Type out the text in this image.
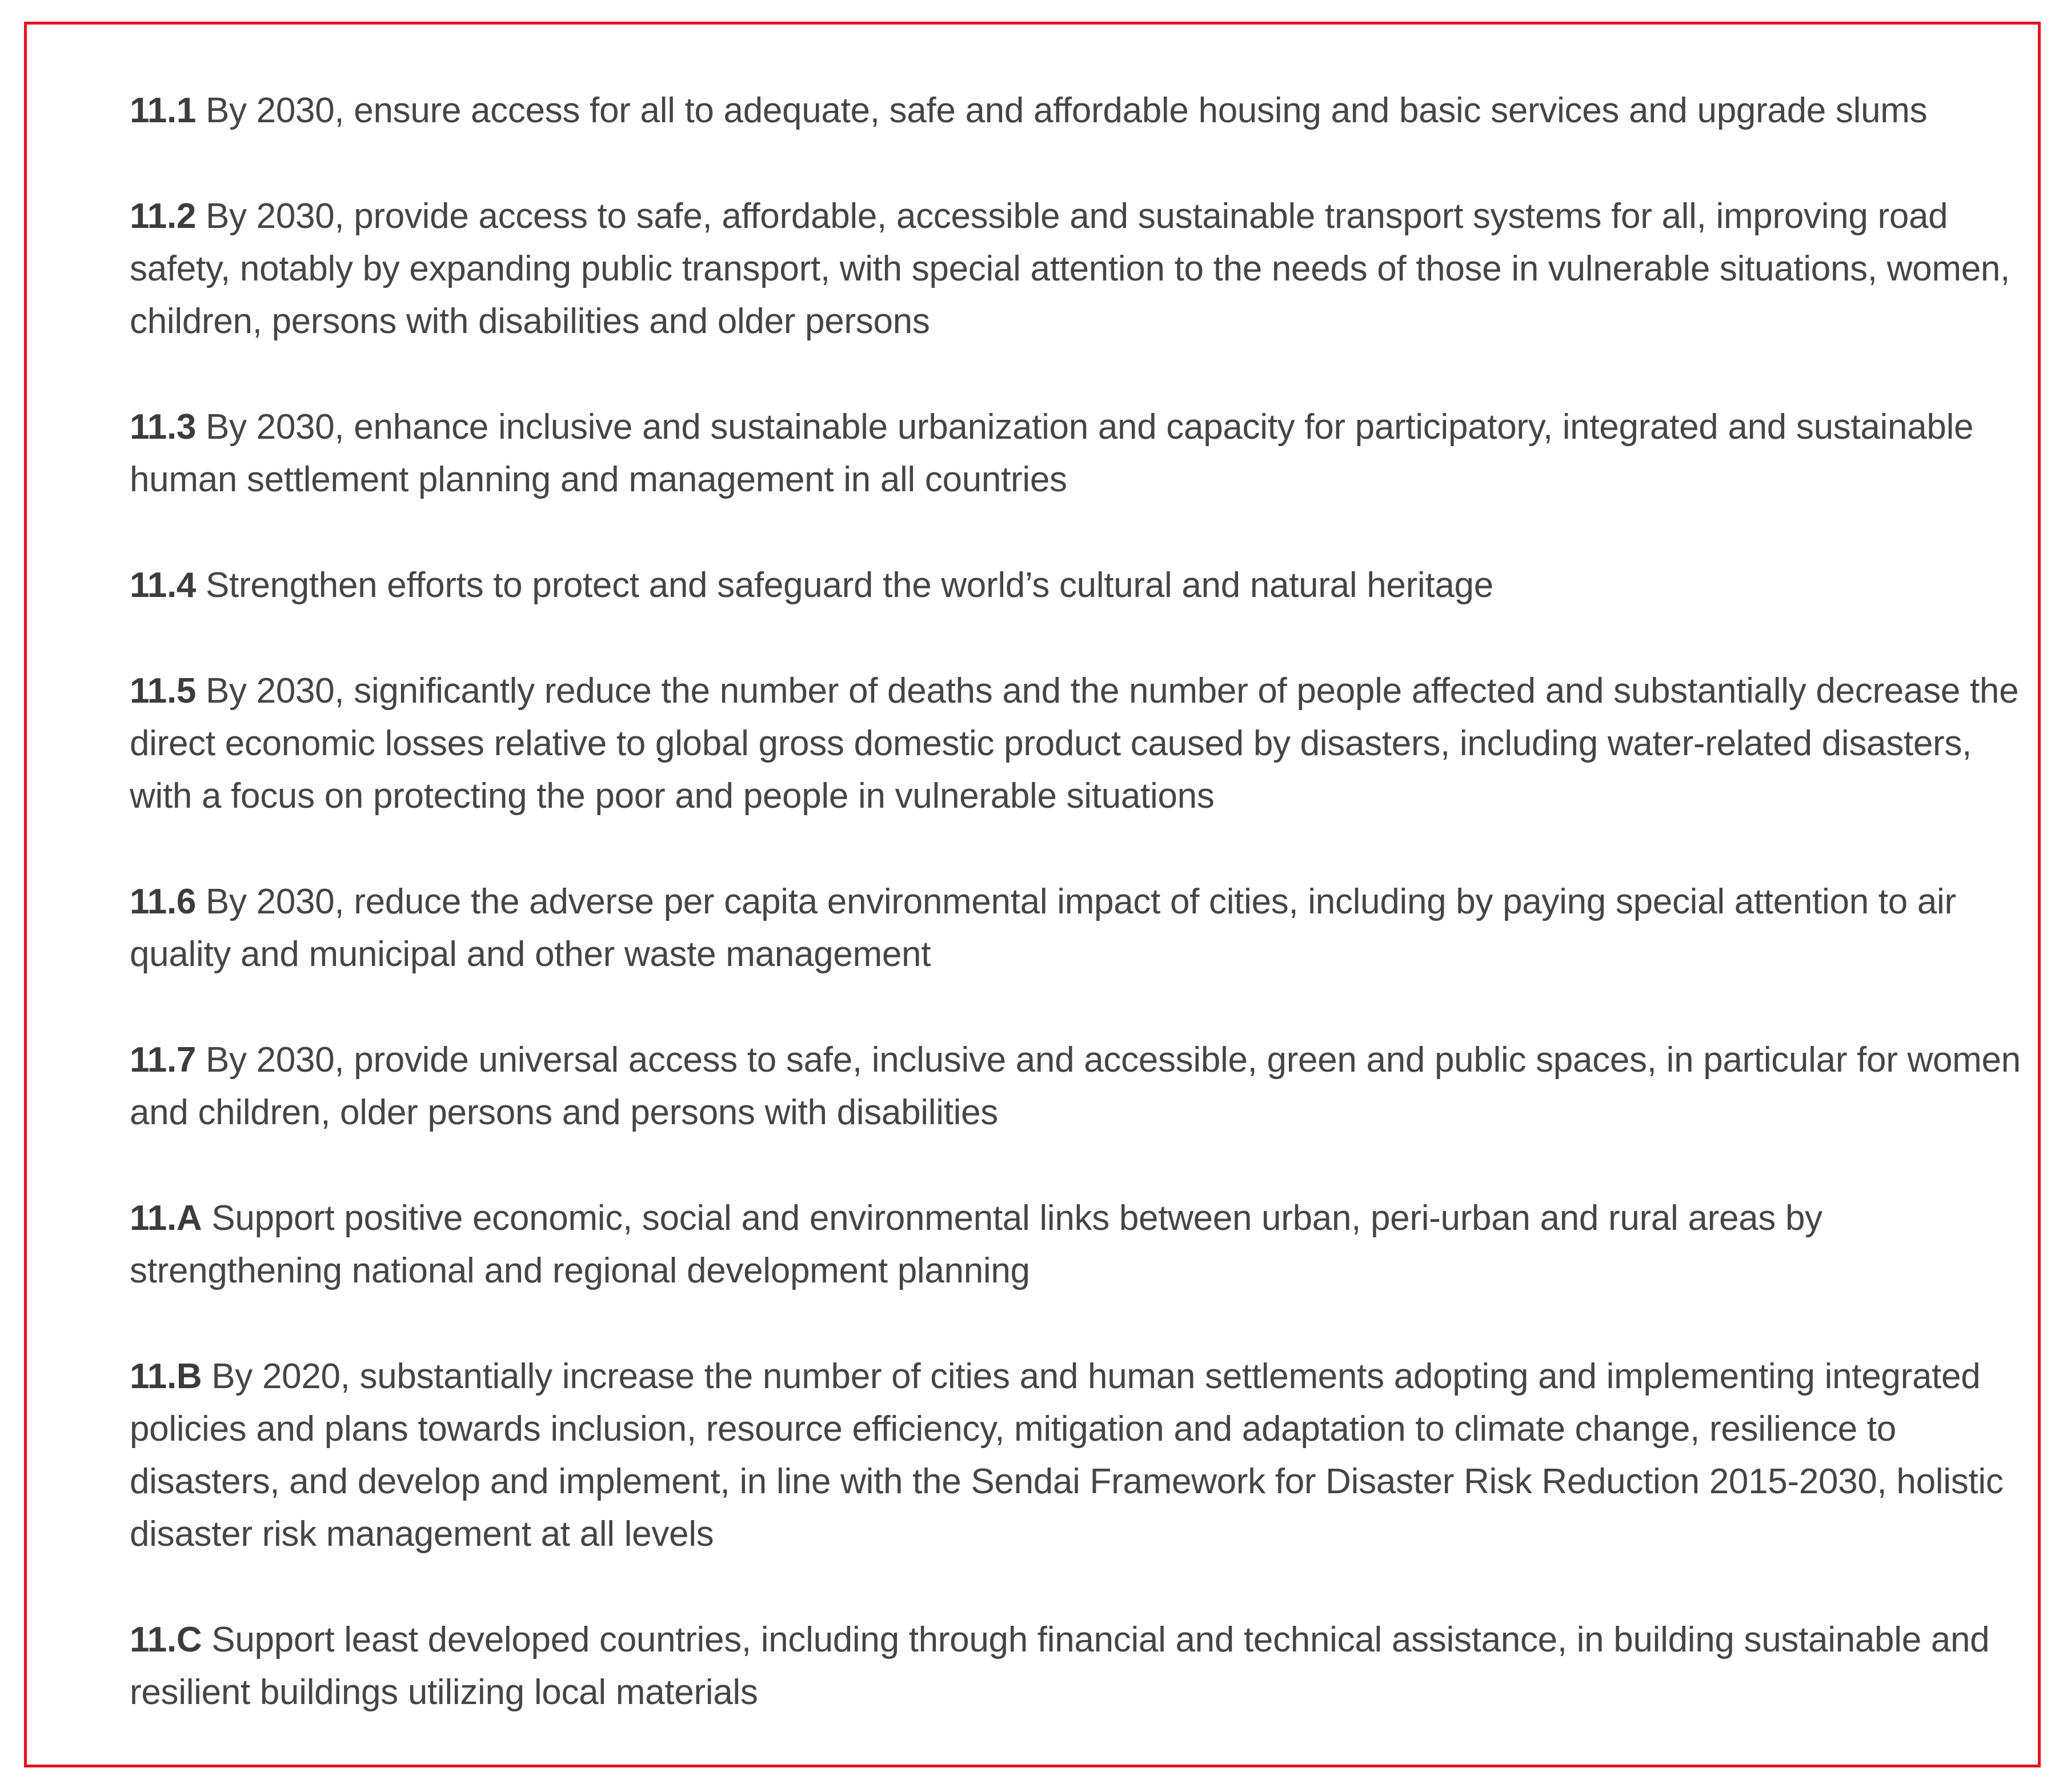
11.1 By 2030, ensure access for all to adequate, safe and affordable housing and basic services and upgrade slums
11.2 By 2030, provide access to safe, affordable, accessible and sustainable transport systems for all, improving road safety, notably by expanding public transport, with special attention to the needs of those in vulnerable situations, women, children, persons with disabilities and older persons
11.3 By 2030, enhance inclusive and sustainable urbanization and capacity for participatory, integrated and sustainable human settlement planning and management in all countries
11.4 Strengthen efforts to protect and safeguard the world’s cultural and natural heritage
11.5 By 2030, significantly reduce the number of deaths and the number of people affected and substantially decrease the direct economic losses relative to global gross domestic product caused by disasters, including water-related disasters, with a focus on protecting the poor and people in vulnerable situations
11.6 By 2030, reduce the adverse per capita environmental impact of cities, including by paying special attention to air quality and municipal and other waste management
11.7 By 2030, provide universal access to safe, inclusive and accessible, green and public spaces, in particular for women and children, older persons and persons with disabilities
11.A Support positive economic, social and environmental links between urban, peri-urban and rural areas by strengthening national and regional development planning
11.B By 2020, substantially increase the number of cities and human settlements adopting and implementing integrated policies and plans towards inclusion, resource efficiency, mitigation and adaptation to climate change, resilience to disasters, and develop and implement, in line with the Sendai Framework for Disaster Risk Reduction 2015-2030, holistic disaster risk management at all levels
11.C Support least developed countries, including through financial and technical assistance, in building sustainable and resilient buildings utilizing local materials
